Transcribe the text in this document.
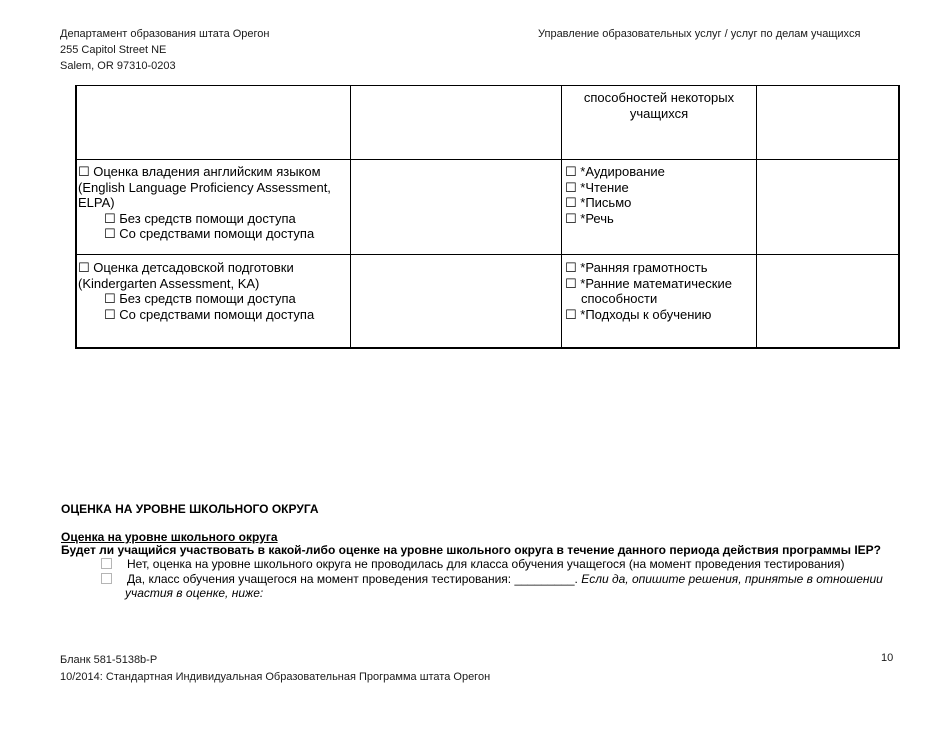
Департамент образования штата Орегон
255 Capitol Street NE
Salem, OR 97310-0203
Управление образовательных услуг / услуг по делам учащихся
способностей некоторых
учащихся
☐ Оценка владения английским языком
(English Language Proficiency Assessment,
ELPA)
☐ Без средств помощи доступа
☐ Со средствами помощи доступа
☐ *Аудирование
☐ *Чтение
☐ *Письмо
☐ *Речь
☐ Оценка детсадовской подготовки
(Kindergarten Assessment, KA)
☐ Без средств помощи доступа
☐ Со средствами помощи доступа
☐ *Ранняя грамотность
☐ *Ранние математические
способности
☐ *Подходы к обучению
ОЦЕНКА НА УРОВНЕ ШКОЛЬНОГО ОКРУГА
Оценка на уровне школьного округа
Будет ли учащийся участвовать в какой-либо оценке на уровне школьного округа в течение данного периода действия программы IEP?
Нет, оценка на уровне школьного округа не проводилась для класса обучения учащегося (на момент проведения тестирования)
Да, класс обучения учащегося на момент проведения тестирования: _________. Если да, опишите решения, принятые в отношении
участия в оценке, ниже:
Бланк 581-5138b-P
10/2014: Стандартная Индивидуальная Образовательная Программа штата Орегон
10
